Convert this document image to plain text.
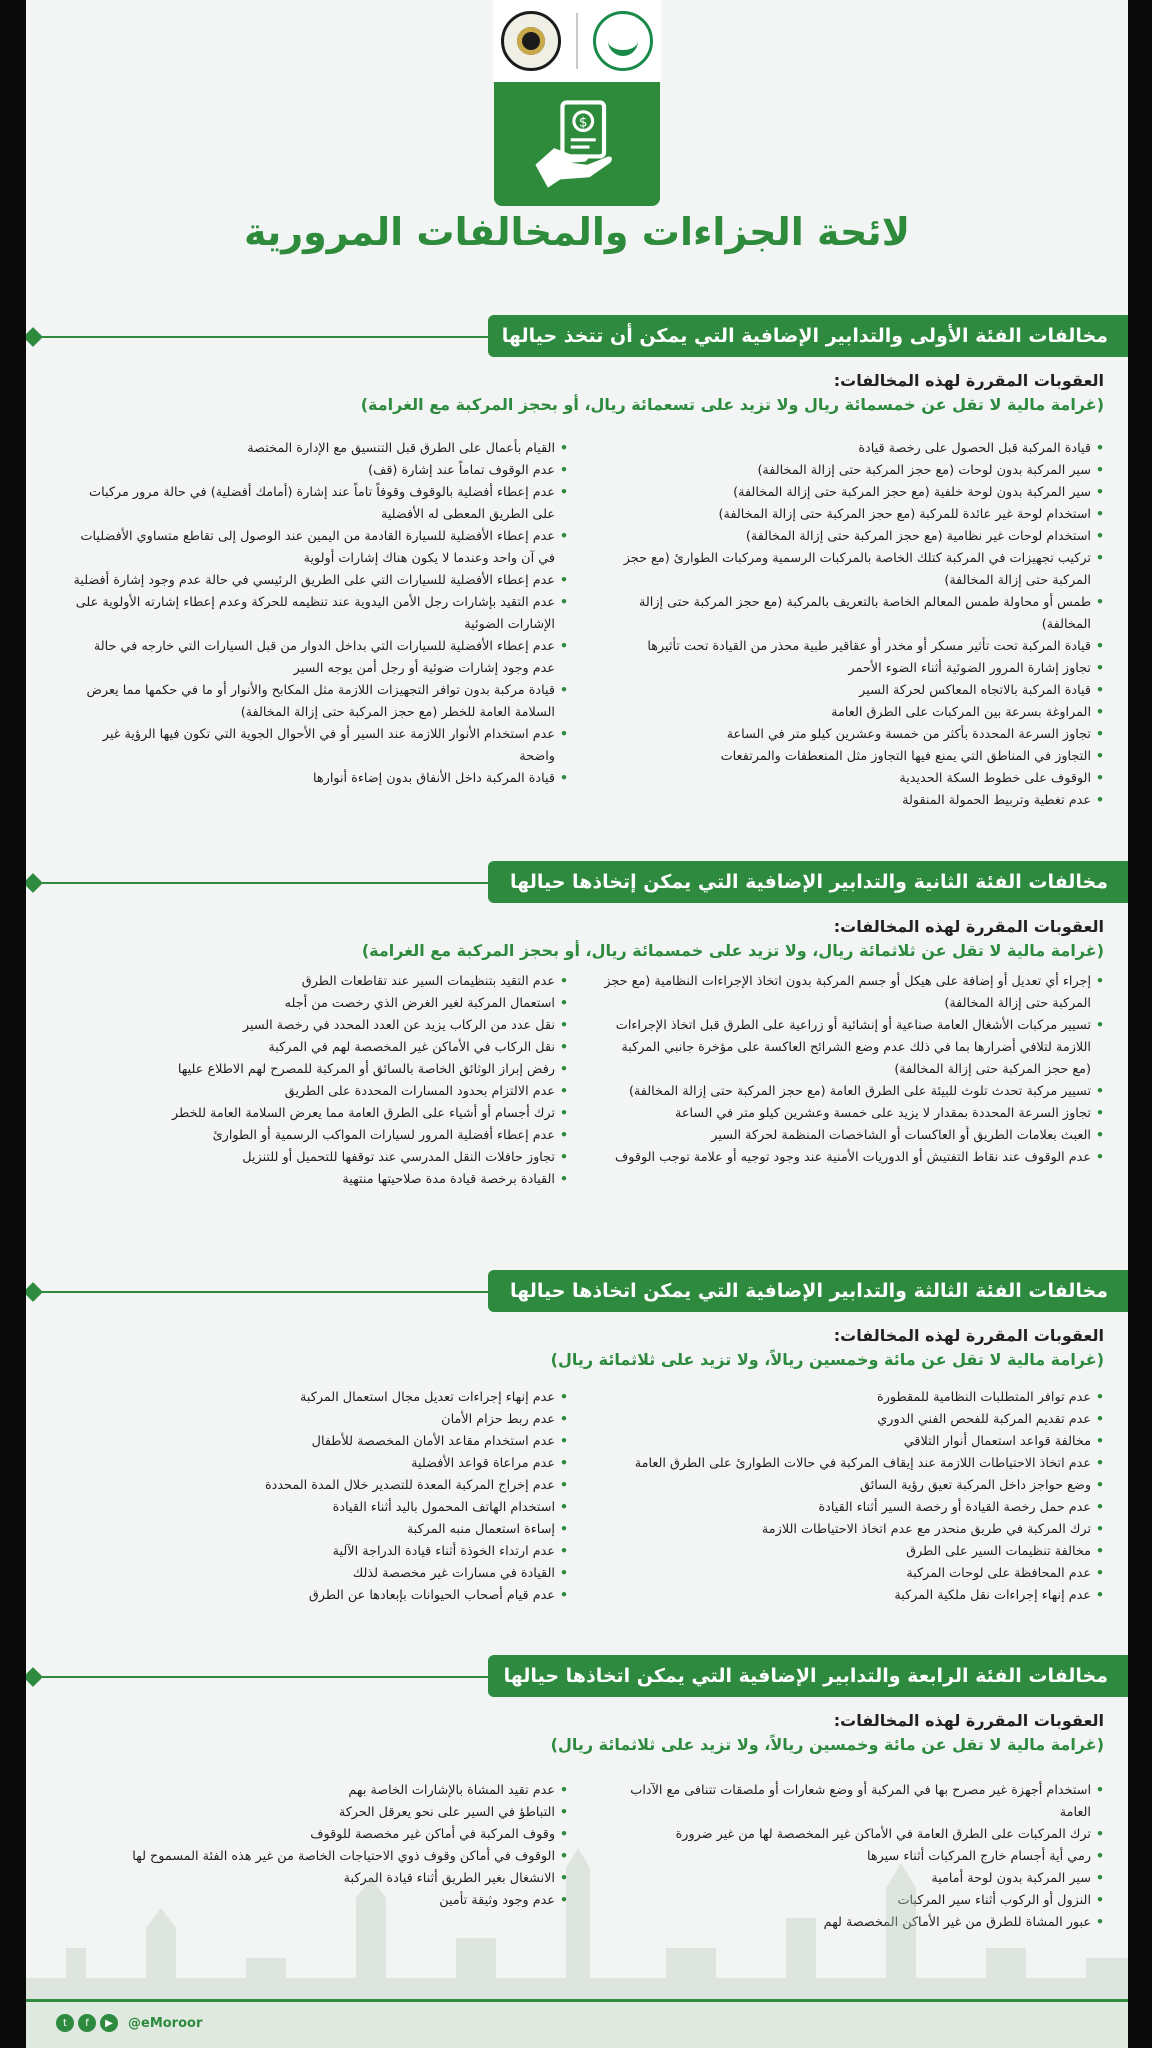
$
لائحة الجزاءات والمخالفات المرورية
مخالفات الفئة الأولى والتدابير الإضافية التي يمكن أن تتخذ حيالها
العقوبات المقررة لهذه المخالفات:
(غرامة مالية لا تقل عن خمسمائة ريال ولا تزيد على تسعمائة ريال، أو بحجز المركبة مع الغرامة)
• قيادة المركبة قبل الحصول على رخصة قيادة
• سير المركبة بدون لوحات (مع حجز المركبة حتى إزالة المخالفة)
• سير المركبة بدون لوحة خلفية (مع حجز المركبة حتى إزالة المخالفة)
• استخدام لوحة غير عائدة للمركبة (مع حجز المركبة حتى إزالة المخالفة)
• استخدام لوحات غير نظامية (مع حجز المركبة حتى إزالة المخالفة)
• تركيب تجهيزات في المركبة كتلك الخاصة بالمركبات الرسمية ومركبات الطوارئ (مع حجز المركبة حتى إزالة المخالفة)
• طمس أو محاولة طمس المعالم الخاصة بالتعريف بالمركبة (مع حجز المركبة حتى إزالة المخالفة)
• قيادة المركبة تحت تأثير مسكر أو مخدر أو عقاقير طبية محذر من القيادة تحت تأثيرها
• تجاوز إشارة المرور الضوئية أثناء الضوء الأحمر
• قيادة المركبة بالاتجاه المعاكس لحركة السير
• المراوغة بسرعة بين المركبات على الطرق العامة
• تجاوز السرعة المحددة بأكثر من خمسة وعشرين كيلو متر في الساعة
• التجاوز في المناطق التي يمنع فيها التجاوز مثل المنعطفات والمرتفعات
• الوقوف على خطوط السكة الحديدية
• عدم تغطية وتربيط الحمولة المنقولة
• القيام بأعمال على الطرق قبل التنسيق مع الإدارة المختصة
• عدم الوقوف تماماً عند إشارة (قف)
• عدم إعطاء أفضلية بالوقوف وقوفاً تاماً عند إشارة (أمامك أفضلية) في حالة مرور مركبات على الطريق المعطى له الأفضلية
• عدم إعطاء الأفضلية للسيارة القادمة من اليمين عند الوصول إلى تقاطع متساوي الأفضليات في آن واحد وعندما لا يكون هناك إشارات أولوية
• عدم إعطاء الأفضلية للسيارات التي على الطريق الرئيسي في حالة عدم وجود إشارة أفضلية
• عدم التقيد بإشارات رجل الأمن اليدوية عند تنظيمه للحركة وعدم إعطاء إشارته الأولوية على الإشارات الضوئية
• عدم إعطاء الأفضلية للسيارات التي بداخل الدوار من قبل السيارات التي خارجه في حالة عدم وجود إشارات ضوئية أو رجل أمن يوجه السير
• قيادة مركبة بدون توافر التجهيزات اللازمة مثل المكابح والأنوار أو ما في حكمها مما يعرض السلامة العامة للخطر (مع حجز المركبة حتى إزالة المخالفة)
• عدم استخدام الأنوار اللازمة عند السير أو في الأحوال الجوية التي تكون فيها الرؤية غير واضحة
• قيادة المركبة داخل الأنفاق بدون إضاءة أنوارها
مخالفات الفئة الثانية والتدابير الإضافية التي يمكن إتخاذها حيالها
العقوبات المقررة لهذه المخالفات:
(غرامة مالية لا تقل عن ثلاثمائة ريال، ولا تزيد على خمسمائة ريال، أو بحجز المركبة مع الغرامة)
• إجراء أي تعديل أو إضافة على هيكل أو جسم المركبة بدون اتخاذ الإجراءات النظامية (مع حجز المركبة حتى إزالة المخالفة)
• تسيير مركبات الأشغال العامة صناعية أو إنشائية أو زراعية على الطرق قبل اتخاذ الإجراءات اللازمة لتلافي أضرارها بما في ذلك عدم وضع الشرائح العاكسة على مؤخرة جانبي المركبة (مع حجز المركبة حتى إزالة المخالفة)
• تسيير مركبة تحدث تلوث للبيئة على الطرق العامة (مع حجز المركبة حتى إزالة المخالفة)
• تجاوز السرعة المحددة بمقدار لا يزيد على خمسة وعشرين كيلو متر في الساعة
• العبث بعلامات الطريق أو العاكسات أو الشاخصات المنظمة لحركة السير
• عدم الوقوف عند نقاط التفتيش أو الدوريات الأمنية عند وجود توجيه أو علامة توجب الوقوف
• عدم التقيد بتنظيمات السير عند تقاطعات الطرق
• استعمال المركبة لغير الغرض الذي رخصت من أجله
• نقل عدد من الركاب يزيد عن العدد المحدد في رخصة السير
• نقل الركاب في الأماكن غير المخصصة لهم في المركبة
• رفض إبراز الوثائق الخاصة بالسائق أو المركبة للمصرح لهم الاطلاع عليها
• عدم الالتزام بحدود المسارات المحددة على الطريق
• ترك أجسام أو أشياء على الطرق العامة مما يعرض السلامة العامة للخطر
• عدم إعطاء أفضلية المرور لسيارات المواكب الرسمية أو الطوارئ
• تجاوز حافلات النقل المدرسي عند توقفها للتحميل أو للتنزيل
• القيادة برخصة قيادة مدة صلاحيتها منتهية
مخالفات الفئة الثالثة والتدابير الإضافية التي يمكن اتخاذها حيالها
العقوبات المقررة لهذه المخالفات:
(غرامة مالية لا تقل عن مائة وخمسين ريالاً، ولا تزيد على ثلاثمائة ريال)
• عدم توافر المتطلبات النظامية للمقطورة
• عدم تقديم المركبة للفحص الفني الدوري
• مخالفة قواعد استعمال أنوار التلاقي
• عدم اتخاذ الاحتياطات اللازمة عند إيقاف المركبة في حالات الطوارئ على الطرق العامة
• وضع حواجز داخل المركبة تعيق رؤية السائق
• عدم حمل رخصة القيادة أو رخصة السير أثناء القيادة
• ترك المركبة في طريق منحدر مع عدم اتخاذ الاحتياطات اللازمة
• مخالفة تنظيمات السير على الطرق
• عدم المحافظة على لوحات المركبة
• عدم إنهاء إجراءات نقل ملكية المركبة
• عدم إنهاء إجراءات تعديل مجال استعمال المركبة
• عدم ربط حزام الأمان
• عدم استخدام مقاعد الأمان المخصصة للأطفال
• عدم مراعاة قواعد الأفضلية
• عدم إخراج المركبة المعدة للتصدير خلال المدة المحددة
• استخدام الهاتف المحمول باليد أثناء القيادة
• إساءة استعمال منبه المركبة
• عدم ارتداء الخوذة أثناء قيادة الدراجة الآلية
• القيادة في مسارات غير مخصصة لذلك
• عدم قيام أصحاب الحيوانات بإبعادها عن الطرق
مخالفات الفئة الرابعة والتدابير الإضافية التي يمكن اتخاذها حيالها
العقوبات المقررة لهذه المخالفات:
(غرامة مالية لا تقل عن مائة وخمسين ريالاً، ولا تزيد على ثلاثمائة ريال)
• استخدام أجهزة غير مصرح بها في المركبة أو وضع شعارات أو ملصقات تتنافى مع الآداب العامة
• ترك المركبات على الطرق العامة في الأماكن غير المخصصة لها من غير ضرورة
• رمي أية أجسام خارج المركبات أثناء سيرها
• سير المركبة بدون لوحة أمامية
• النزول أو الركوب أثناء سير المركبات
• عبور المشاة للطرق من غير الأماكن المخصصة لهم
• عدم تقيد المشاة بالإشارات الخاصة بهم
• التباطؤ في السير على نحو يعرقل الحركة
• وقوف المركبة في أماكن غير مخصصة للوقوف
• الوقوف في أماكن وقوف ذوي الاحتياجات الخاصة من غير هذه الفئة المسموح لها
• الانشغال بغير الطريق أثناء قيادة المركبة
• عدم وجود وثيقة تأمين
t	f	▶	@eMoroor
